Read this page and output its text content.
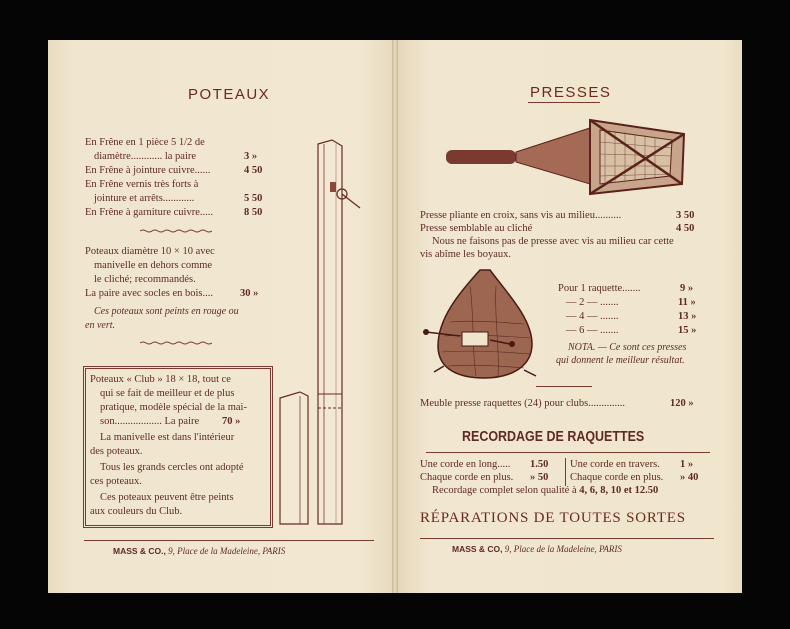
POTEAUX
En Frêne en 1 pièce 5 1/2 de
diamètre............ la paire	3 »
En Frêne à jointure cuivre......	4 50
En Frêne vernis très forts à
jointure et arrêts............	5 50
En Frêne à garniture cuivre.....	8 50
Poteaux diamètre 10 × 10 avec
manivelle en dehors comme
le cliché; recommandés.
La paire avec socles en bois....	30 »
Ces poteaux sont peints en rouge ou
en vert.
Poteaux « Club » 18 × 18, tout ce
qui se fait de meilleur et de plus
pratique, modèle spécial de la mai-
son.................. La paire 70 »
La manivelle est dans l'intérieur
des poteaux.
Tous les grands cercles ont adopté
ces poteaux.
Ces poteaux peuvent être peints
aux couleurs du Club.
MASS & CO., 9, Place de la Madeleine, PARIS
PRESSES
Presse pliante en croix, sans vis au milieu..........	3 50
Presse semblable au cliché	4 50
Nous ne faisons pas de presse avec vis au milieu car cette
vis abîme les boyaux.
Pour 1 raquette.......	9 »
— 2 — .......	11 »
— 4 — .......	13 »
— 6 — .......	15 »
NOTA. — Ce sont ces presses
qui donnent le meilleur résultat.
Meuble presse raquettes (24) pour clubs..............	120 »
RECORDAGE DE RAQUETTES
Une corde en long..... 1.50	Une corde en travers. 1 »
Chaque corde en plus. » 50	Chaque corde en plus. » 40
Recordage complet selon qualité à 4, 6, 8, 10 et 12.50
RÉPARATIONS DE TOUTES SORTES
MASS & CO, 9, Place de la Madeleine, PARIS
